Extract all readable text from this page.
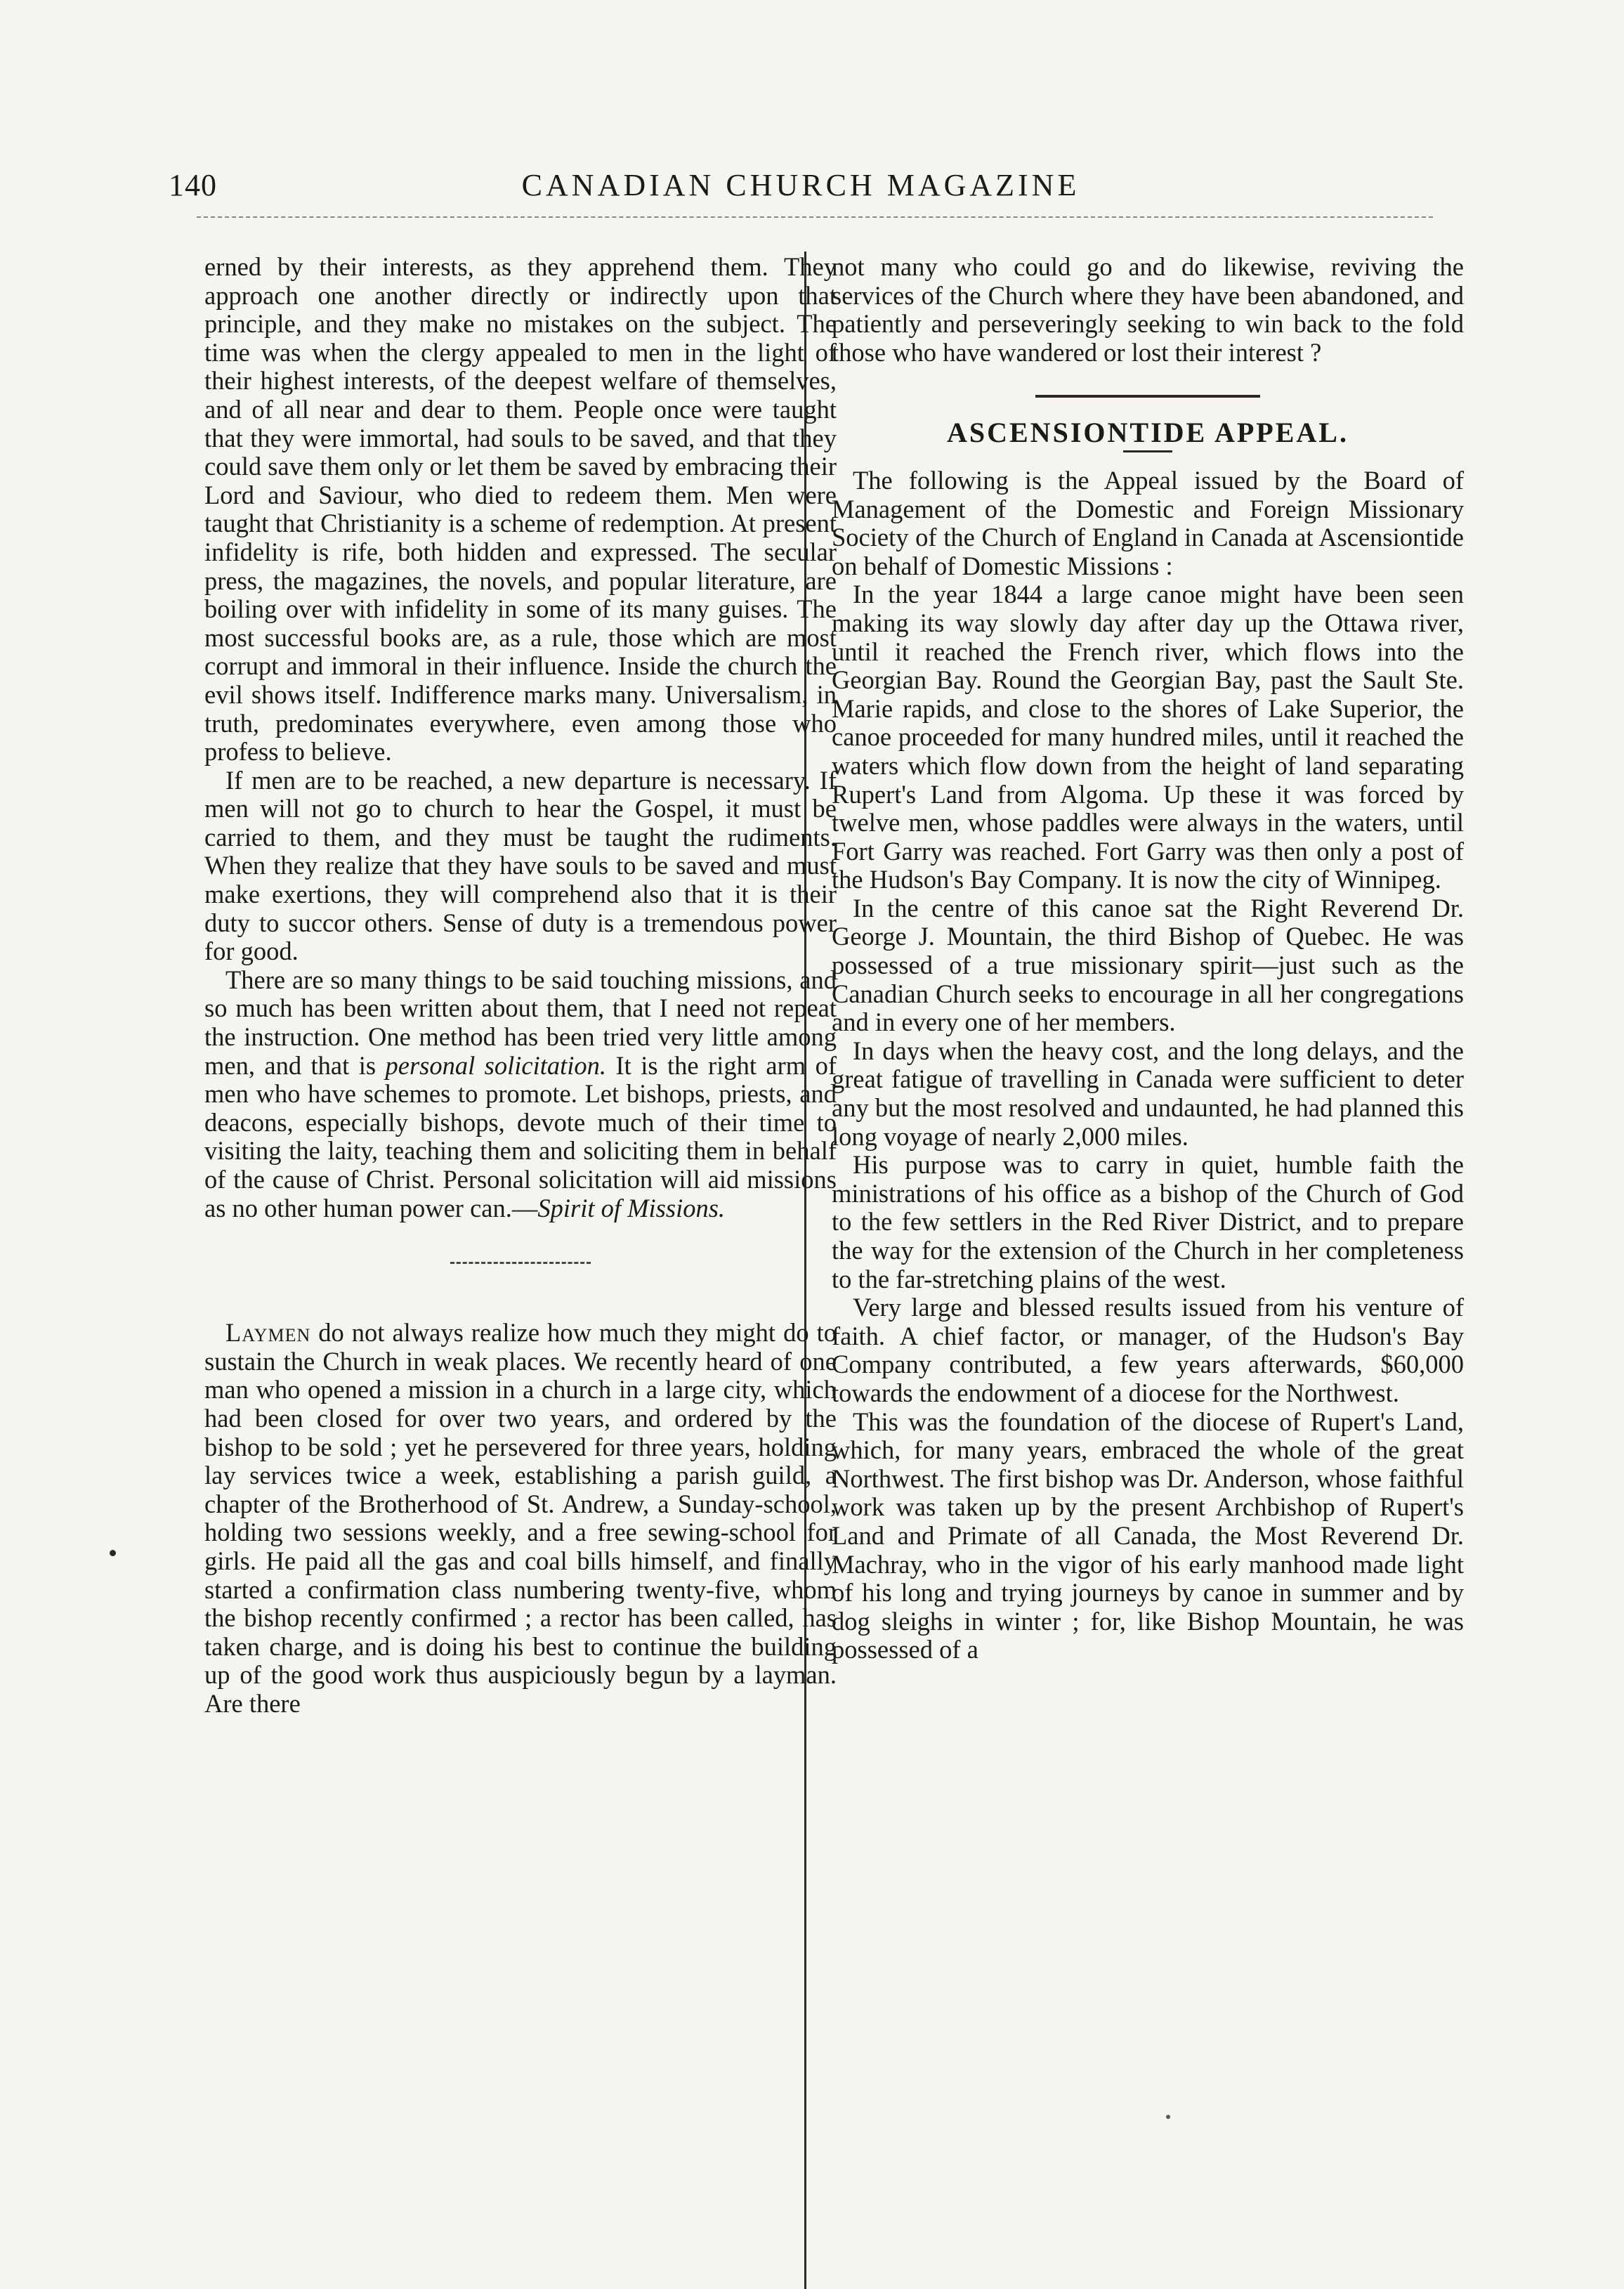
140	CANADIAN CHURCH MAGAZINE

erned by their interests, as they apprehend them. They approach one another directly or indirectly upon that principle, and they make no mistakes on the subject. The time was when the clergy appealed to men in the light of their highest interests, of the deepest welfare of themselves, and of all near and dear to them. People once were taught that they were immortal, had souls to be saved, and that they could save them only or let them be saved by embracing their Lord and Saviour, who died to redeem them. Men were taught that Christianity is a scheme of redemption. At present infidelity is rife, both hidden and expressed. The secular press, the magazines, the novels, and popular literature, are boiling over with infidelity in some of its many guises. The most successful books are, as a rule, those which are most corrupt and immoral in their influence. Inside the church the evil shows itself. Indifference marks many. Universalism, in truth, predominates everywhere, even among those who profess to believe.

If men are to be reached, a new departure is necessary. If men will not go to church to hear the Gospel, it must be carried to them, and they must be taught the rudiments. When they realize that they have souls to be saved and must make exertions, they will comprehend also that it is their duty to succor others. Sense of duty is a tremendous power for good.

There are so many things to be said touching missions, and so much has been written about them, that I need not repeat the instruction. One method has been tried very little among men, and that is personal solicitation. It is the right arm of men who have schemes to promote. Let bishops, priests, and deacons, especially bishops, devote much of their time to visiting the laity, teaching them and soliciting them in behalf of the cause of Christ. Personal solicitation will aid missions as no other human power can.—Spirit of Missions.

Laymen do not always realize how much they might do to sustain the Church in weak places. We recently heard of one man who opened a mission in a church in a large city, which had been closed for over two years, and ordered by the bishop to be sold ; yet he persevered for three years, holding lay services twice a week, establishing a parish guild, a chapter of the Brotherhood of St. Andrew, a Sunday-school, holding two sessions weekly, and a free sewing-school for girls. He paid all the gas and coal bills himself, and finally started a confirmation class numbering twenty-five, whom the bishop recently confirmed ; a rector has been called, has taken charge, and is doing his best to continue the building up of the good work thus auspiciously begun by a layman. Are there

not many who could go and do likewise, reviving the services of the Church where they have been abandoned, and patiently and perseveringly seeking to win back to the fold those who have wandered or lost their interest ?

ASCENSIONTIDE APPEAL.

The following is the Appeal issued by the Board of Management of the Domestic and Foreign Missionary Society of the Church of England in Canada at Ascensiontide on behalf of Domestic Missions :

In the year 1844 a large canoe might have been seen making its way slowly day after day up the Ottawa river, until it reached the French river, which flows into the Georgian Bay. Round the Georgian Bay, past the Sault Ste. Marie rapids, and close to the shores of Lake Superior, the canoe proceeded for many hundred miles, until it reached the waters which flow down from the height of land separating Rupert's Land from Algoma. Up these it was forced by twelve men, whose paddles were always in the waters, until Fort Garry was reached. Fort Garry was then only a post of the Hudson's Bay Company. It is now the city of Winnipeg.

In the centre of this canoe sat the Right Reverend Dr. George J. Mountain, the third Bishop of Quebec. He was possessed of a true missionary spirit—just such as the Canadian Church seeks to encourage in all her congregations and in every one of her members.

In days when the heavy cost, and the long delays, and the great fatigue of travelling in Canada were sufficient to deter any but the most resolved and undaunted, he had planned this long voyage of nearly 2,000 miles.

His purpose was to carry in quiet, humble faith the ministrations of his office as a bishop of the Church of God to the few settlers in the Red River District, and to prepare the way for the extension of the Church in her completeness to the far-stretching plains of the west.

Very large and blessed results issued from his venture of faith. A chief factor, or manager, of the Hudson's Bay Company contributed, a few years afterwards, $60,000 towards the endowment of a diocese for the Northwest.

This was the foundation of the diocese of Rupert's Land, which, for many years, embraced the whole of the great Northwest. The first bishop was Dr. Anderson, whose faithful work was taken up by the present Archbishop of Rupert's Land and Primate of all Canada, the Most Reverend Dr. Machray, who in the vigor of his early manhood made light of his long and trying journeys by canoe in summer and by dog sleighs in winter ; for, like Bishop Mountain, he was possessed of a
